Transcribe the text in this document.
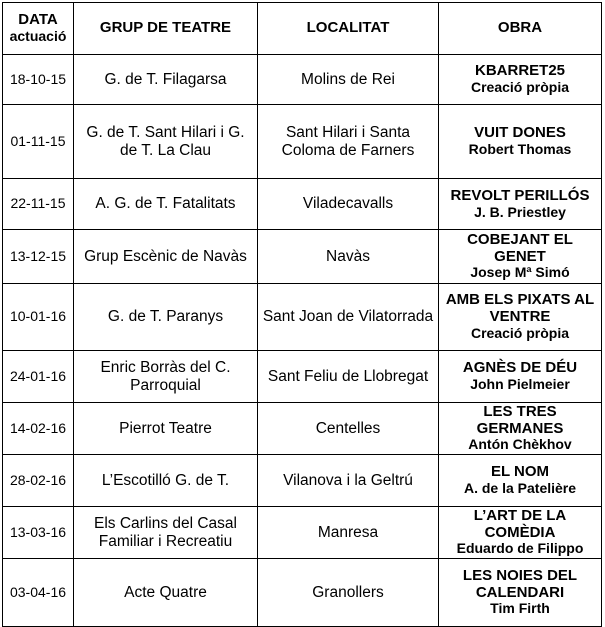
DATA
actuació	GRUP DE TEATRE	LOCALITAT	OBRA
18-10-15	G. de T. Filagarsa	Molins de Rei	KBARRET25
Creació pròpia

01-11-15	G. de T. Sant Hilari i G. de T. La Clau	Sant Hilari i Santa Coloma de Farners	VUIT DONES
Robert Thomas

22-11-15	A. G. de T. Fatalitats	Viladecavalls	REVOLT PERILLÓS
J. B. Priestley

13-12-15	Grup Escènic de Navàs	Navàs	COBEJANT EL GENET
Josep Mª Simó

10-01-16	G. de T. Paranys	Sant Joan de Vilatorrada	AMB ELS PIXATS AL VENTRE
Creació pròpia

24-01-16	Enric Borràs del C. Parroquial	Sant Feliu de Llobregat	AGNÈS DE DÉU
John Pielmeier

14-02-16	Pierrot Teatre	Centelles	LES TRES GERMANES
Antón Chèkhov

28-02-16	L’Escotilló G. de T.	Vilanova i la Geltrú	EL NOM
A. de la Patelière

13-03-16	Els Carlins del Casal Familiar i Recreatiu	Manresa	L’ART DE LA COMÈDIA
Eduardo de Filippo

03-04-16	Acte Quatre	Granollers	LES NOIES DEL CALENDARI
Tim Firth
